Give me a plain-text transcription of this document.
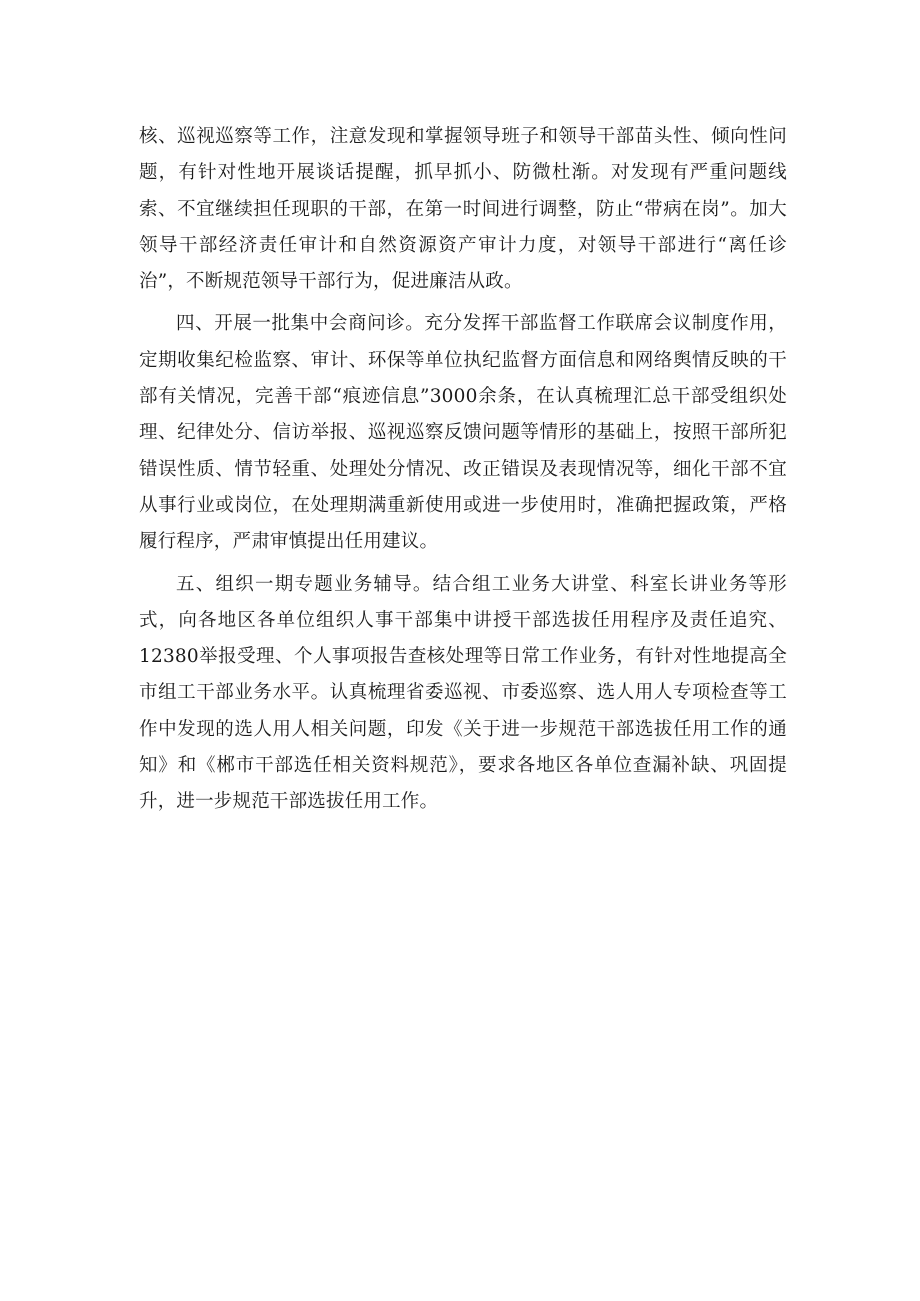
核、巡视巡察等工作，注意发现和掌握领导班子和领导干部苗头性、倾向性问题，有针对性地开展谈话提醒，抓早抓小、防微杜渐。对发现有严重问题线索、不宜继续担任现职的干部，在第一时间进行调整，防止“带病在岗”。加大领导干部经济责任审计和自然资源资产审计力度，对领导干部进行“离任诊治”，不断规范领导干部行为，促进廉洁从政。

四、开展一批集中会商问诊。充分发挥干部监督工作联席会议制度作用，定期收集纪检监察、审计、环保等单位执纪监督方面信息和网络舆情反映的干部有关情况，完善干部“痕迹信息”3000余条，在认真梳理汇总干部受组织处理、纪律处分、信访举报、巡视巡察反馈问题等情形的基础上，按照干部所犯错误性质、情节轻重、处理处分情况、改正错误及表现情况等，细化干部不宜从事行业或岗位，在处理期满重新使用或进一步使用时，准确把握政策，严格履行程序，严肃审慎提出任用建议。

五、组织一期专题业务辅导。结合组工业务大讲堂、科室长讲业务等形式，向各地区各单位组织人事干部集中讲授干部选拔任用程序及责任追究、12380举报受理、个人事项报告查核处理等日常工作业务，有针对性地提高全市组工干部业务水平。认真梳理省委巡视、市委巡察、选人用人专项检查等工作中发现的选人用人相关问题，印发《关于进一步规范干部选拔任用工作的通知》和《郴市干部选任相关资料规范》，要求各地区各单位查漏补缺、巩固提升，进一步规范干部选拔任用工作。
